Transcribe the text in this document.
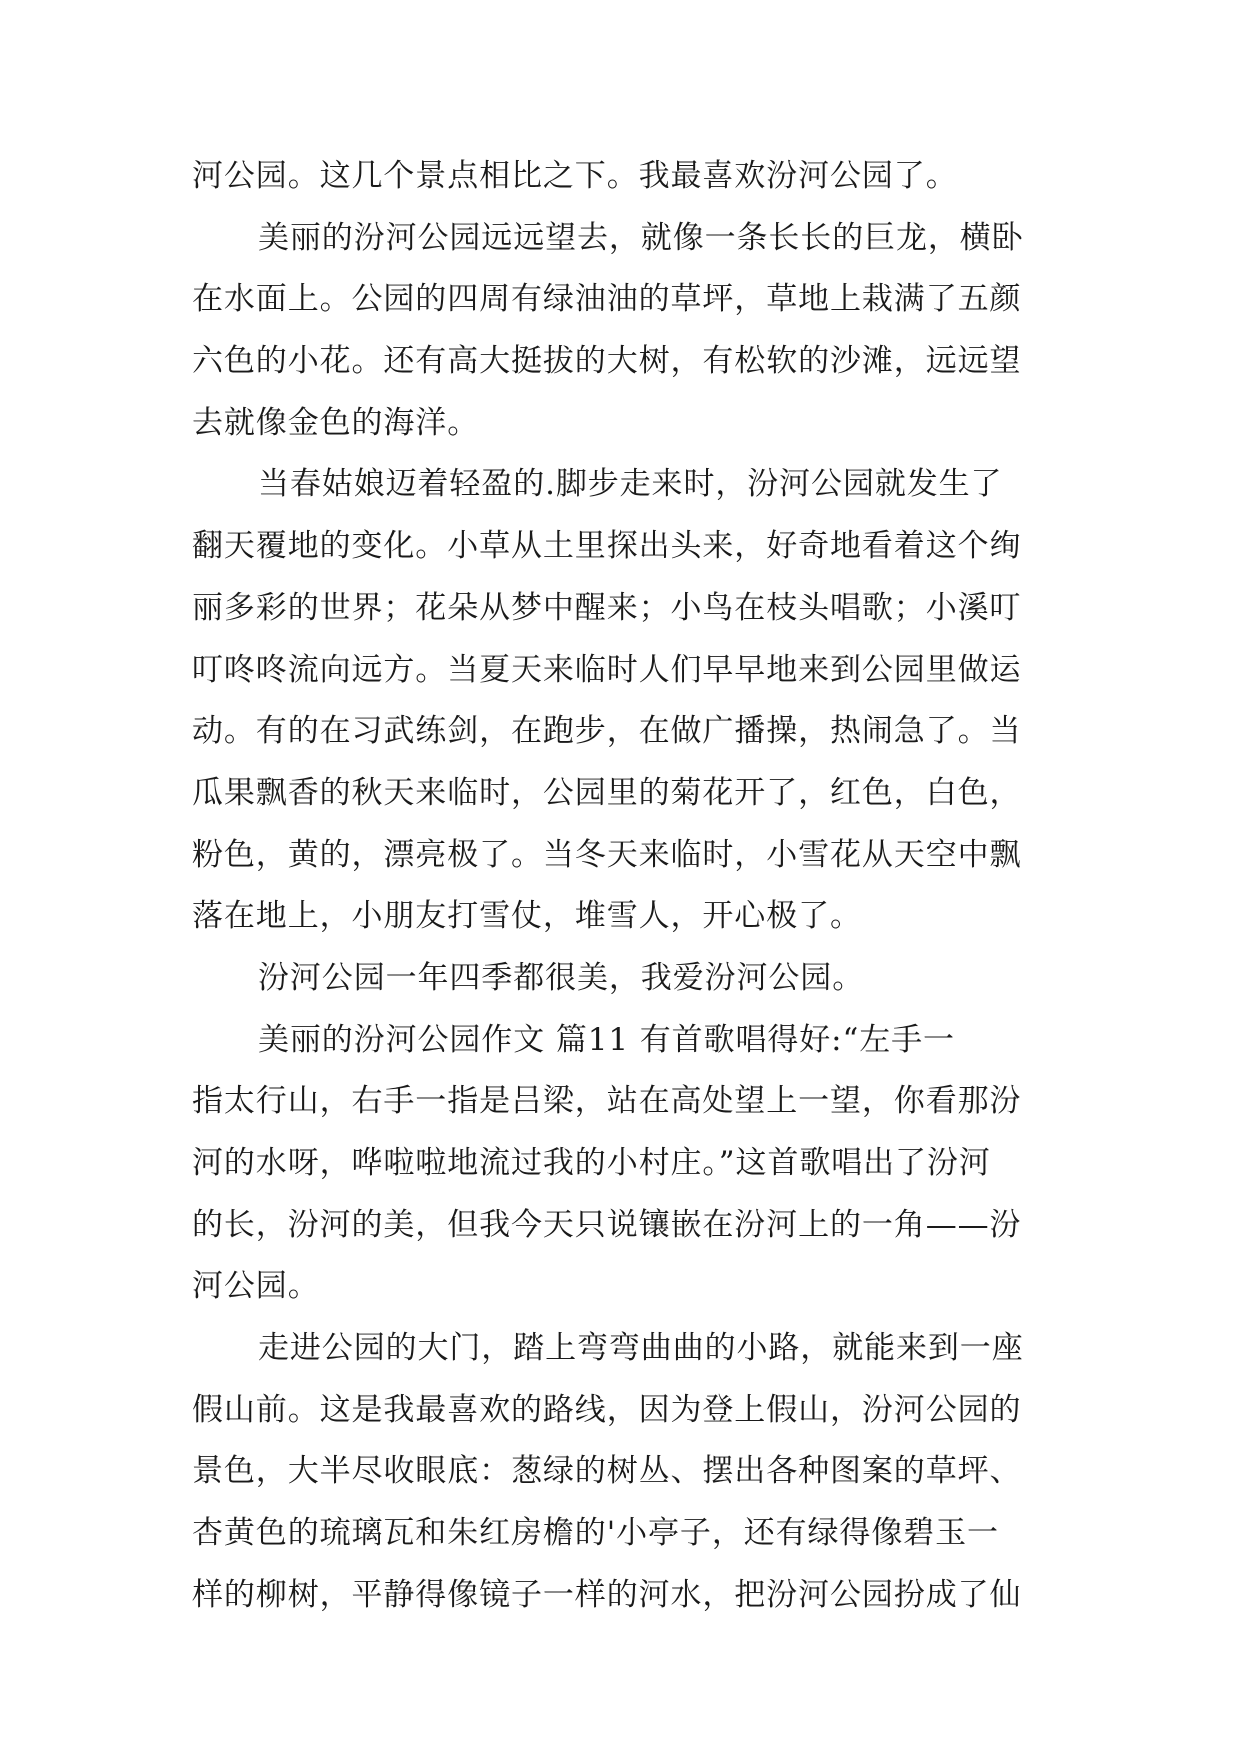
河公园。这几个景点相比之下。我最喜欢汾河公园了。

美丽的汾河公园远远望去，就像一条长长的巨龙，横卧

在水面上。公园的四周有绿油油的草坪，草地上栽满了五颜

六色的小花。还有高大挺拔的大树，有松软的沙滩，远远望

去就像金色的海洋。

当春姑娘迈着轻盈的.脚步走来时，汾河公园就发生了

翻天覆地的变化。小草从土里探出头来，好奇地看着这个绚

丽多彩的世界；花朵从梦中醒来；小鸟在枝头唱歌；小溪叮

叮咚咚流向远方。当夏天来临时人们早早地来到公园里做运

动。有的在习武练剑，在跑步，在做广播操，热闹急了。当

瓜果飘香的秋天来临时，公园里的菊花开了，红色，白色，

粉色，黄的，漂亮极了。当冬天来临时，小雪花从天空中飘

落在地上，小朋友打雪仗，堆雪人，开心极了。

汾河公园一年四季都很美，我爱汾河公园。

美丽的汾河公园作文 篇11 有首歌唱得好:“左手一

指太行山，右手一指是吕梁，站在高处望上一望，你看那汾

河的水呀，哗啦啦地流过我的小村庄。”这首歌唱出了汾河

的长，汾河的美，但我今天只说镶嵌在汾河上的一角——汾

河公园。

走进公园的大门，踏上弯弯曲曲的小路，就能来到一座

假山前。这是我最喜欢的路线，因为登上假山，汾河公园的

景色，大半尽收眼底：葱绿的树丛、摆出各种图案的草坪、

杏黄色的琉璃瓦和朱红房檐的'小亭子，还有绿得像碧玉一

样的柳树，平静得像镜子一样的河水，把汾河公园扮成了仙
